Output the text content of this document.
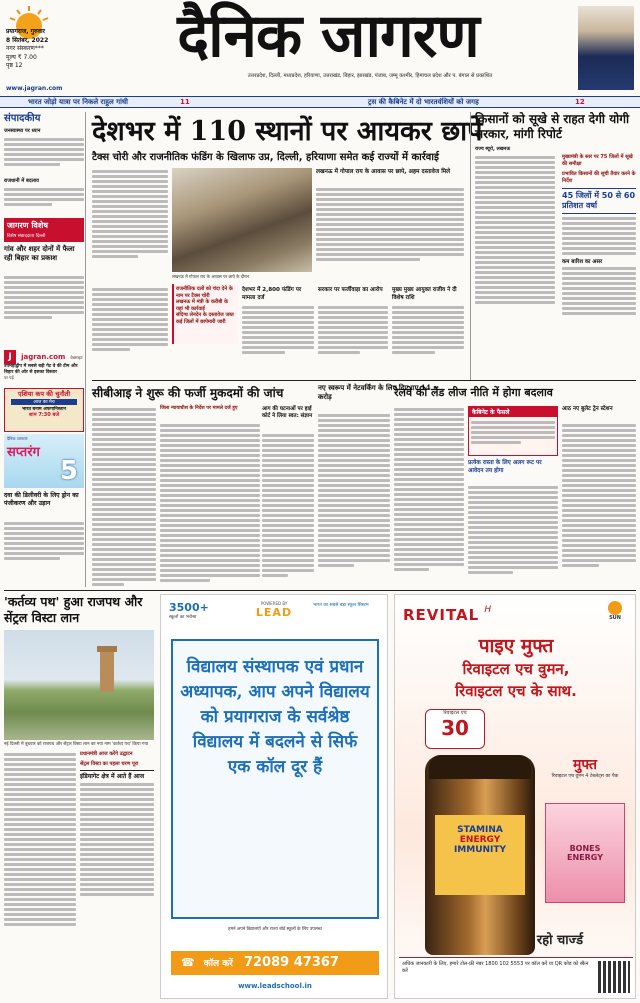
प्रयागराज, गुरुवार
8 सितंबर, 2022
नगर संस्करण***
मूल्य ₹ 7.00
पृष्ठ 12	दैनिक जागरण
उत्तरप्रदेश, दिल्ली, मध्यप्रदेश, हरियाणा, उत्तराखंड, बिहार, झारखंड, पंजाब, जम्मू कश्मीर, हिमाचल प्रदेश और प. बंगाल से प्रकाशित
www.jagran.com
भारत जोड़ो यात्रा पर निकले राहुल गांधी	11	ट्रस की कैबिनेट में दो भारतवंशियों को जगह	12
संपादकीय
जनस्वास्थ्य पर ध्यान
राजधानी में बदलाव
जागरण विशेष
विशेष संवाददाता दिल्ली
गांव और शहर दोनों में फैला रही बिहार का प्रकाश
J jagran.com वेबसाइट पर पढ़ें
उपमहाद्वीप में सबसे बड़ी गेट वे की टीम और बिहार की ओर से इसका विस्तार
एशिया कप की चुनौती
आज का मैच
भारत बनाम अफगानिस्तान
शाम 7:30 बजे
दैनिक जागरण
सप्तरंग
5
दवा की डिलीवरी के लिए ड्रोन का पंजीकरण और उड़ान
देशभर में 110 स्थानों पर आयकर छापे
टैक्स चोरी और राजनीतिक फंडिंग के खिलाफ उप्र, दिल्ली, हरियाणा समेत कई राज्यों में कार्रवाई
लखनऊ में गोपाल राय के आवास पर छापे के दौरान
लखनऊ में गोपाल राय के आवास पर छापे, अहम दस्तावेज मिले
राजनीतिक दलों को चंदा देने के नाम पर टैक्स चोरी
लखनऊ में मंत्री के करीबी के यहां भी कार्रवाई
संदिग्ध लेनदेन के दस्तावेज जब्त
कई जिलों में छापेमारी जारी
देशभर में 2,800 फंडिंग पर मामला दर्ज
सरकार पर फर्जीवाड़ा का आरोप	मुख्य मुख्य आयुक्त राजीव ने दी विशेष राशि
किसानों को सूखे से राहत देगी योगी सरकार, मांगी रिपोर्ट
राज्य ब्यूरो, लखनऊ
मुख्यमंत्री के स्तर पर 75 जिलों में सूखे की समीक्षा
प्रभावित किसानों की सूची तैयार करने के निर्देश
45 जिलों में 50 से 60 प्रतिशत वर्षा
कम बारिश का असर
सीबीआइ ने शुरू की फर्जी मुकदमों की जांच
जिला न्यायाधीश के निर्देश पर मामले दर्ज हुए	आग की घटनाओं पर हाई कोर्ट ने लिया स्वत: संज्ञान
नए स्वरूप में नेटवर्किंग के लिए दिए गए 14 करोड़	रेलवे की लैंड लीज नीति में होगा बदलाव
कैबिनेट के फैसले
प्रत्येक रास्ता के लिए अलग रूट पर आवेदन तय होगा
आठ नए बुलेट ट्रेन स्टेशन
'कर्तव्य पथ' हुआ राजपथ और सेंट्रल विस्टा लान
नई दिल्ली में बुधवार को राजपथ और सेंट्रल विस्टा लान का नया नाम 'कर्तव्य पथ' किया गया
प्रधानमंत्री आज करेंगे उद्घाटन
सेंट्रल विस्टा का पहला चरण पूरा
इंडियागेट क्षेत्र में आते हैं आज
3500+
स्कूलों का भरोसा
POWERED BY
LEAD
भारत का सबसे बड़ा स्कूल सिस्टम
विद्यालय संस्थापक एवं प्रधान अध्यापक, आप अपने विद्यालय को प्रयागराज के सर्वश्रेष्ठ विद्यालय में बदलने से सिर्फ एक कॉल दूर हैं
हमने अपने विद्यालयों और राज्य बोर्ड स्कूलों के लिए उपलब्ध
☎ कॉल करें 72089 47367
www.leadschool.in
REVITAL $^H$
SUN
पाइए मुफ्त
रिवाइटल एच वुमन,
रिवाइटल एच के साथ.
रिवाइटल एच
30
STAMINA
ENERGY
IMMUNITY
मुफ्त
रिवाइटल एच वुमन 4 टेबलेट्स का पैक
BONES
ENERGY
रहो चार्ज्ड
अधिक जानकारी के लिए, हमारे टोल-फ्री नंबर 1800 102 5553 पर कॉल करें या QR कोड को स्कैन करें
